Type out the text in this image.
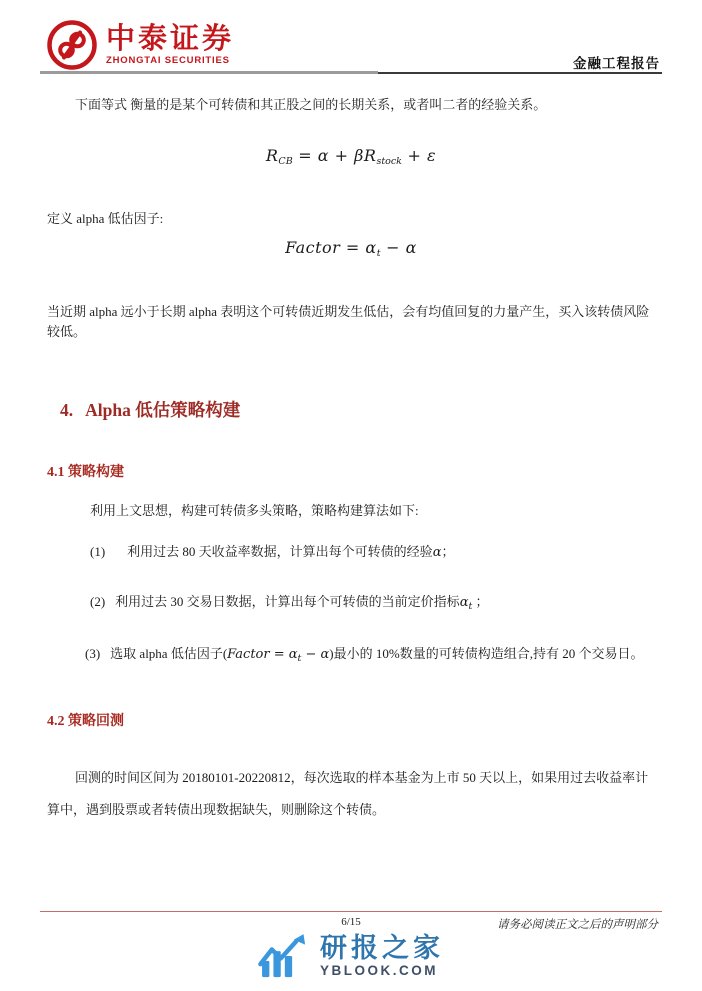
中泰证券
ZHONGTAI SECURITIES	金融工程报告
下面等式 衡量的是某个可转债和其正股之间的长期关系，或者叫二者的经验关系。
$R_{CB} = \alpha + \beta R_{stock} + \varepsilon$
定义 alpha 低估因子:
Factor = $\alpha_t - \alpha$
当近期 alpha 远小于长期 alpha 表明这个可转债近期发生低估，会有均值回复的力量产生，买入该转债风险较低。
4. Alpha 低估策略构建
4.1 策略构建
利用上文思想，构建可转债多头策略，策略构建算法如下:
(1) 利用过去 80 天收益率数据，计算出每个可转债的经验α；
(2) 利用过去 30 交易日数据，计算出每个可转债的当前定价指标$\alpha_t$ ；
(3) 选取 alpha 低估因子(Factor = $\alpha_t - \alpha$)最小的 10%数量的可转债构造组合,持有 20 个交易日。
4.2 策略回测
回测的时间区间为 20180101-20220812，每次选取的样本基金为上市 50 天以上，如果用过去收益率计算中，遇到股票或者转债出现数据缺失，则删除这个转债。
6/15	请务必阅读正文之后的声明部分
研报之家
YBLOOK.COM
